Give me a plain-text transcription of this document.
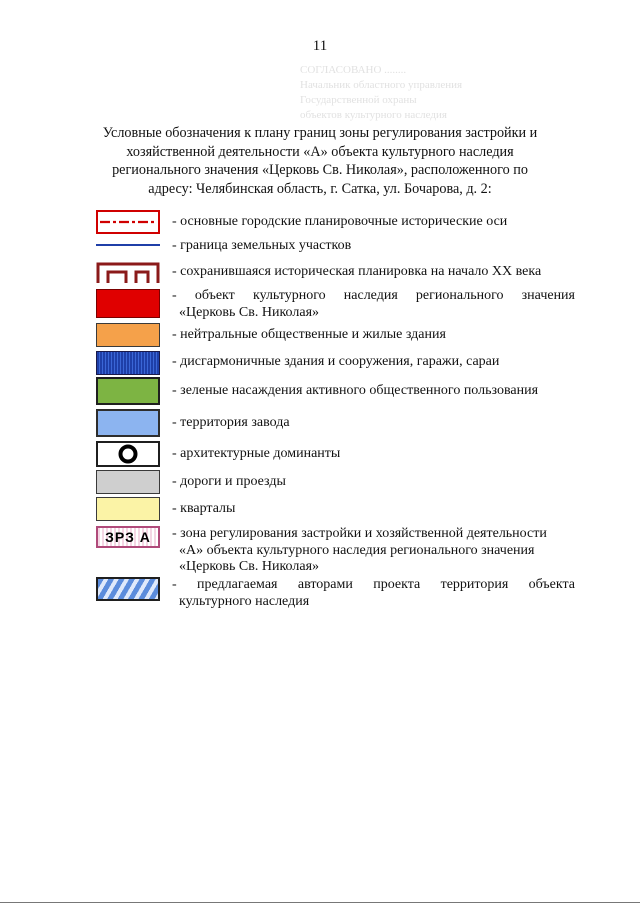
11
СОГЛАСОВАНО ........
Начальник областного управления
Государственной охраны
объектов культурного наследия
Условные обозначения к плану границ зоны регулирования застройки и хозяйственной деятельности «А» объекта культурного наследия регионального значения «Церковь Св. Николая», расположенного по адресу: Челябинская область, г. Сатка, ул. Бочарова, д. 2:
- основные городские планировочные исторические оси
- граница земельных участков
- сохранившаяся историческая планировка на начало XX века
- объект культурного наследия регионального значения
«Церковь Св. Николая»
- нейтральные общественные и жилые здания
- дисгармоничные здания и сооружения, гаражи, сараи
- зеленые насаждения активного общественного пользования
- территория завода
- архитектурные доминанты
- дороги и проезды
- кварталы
ЗРЗ А - зона регулирования застройки и хозяйственной деятельности
«А» объекта культурного наследия регионального значения
«Церковь Св. Николая»
- предлагаемая авторами проекта территория объекта
культурного наследия
